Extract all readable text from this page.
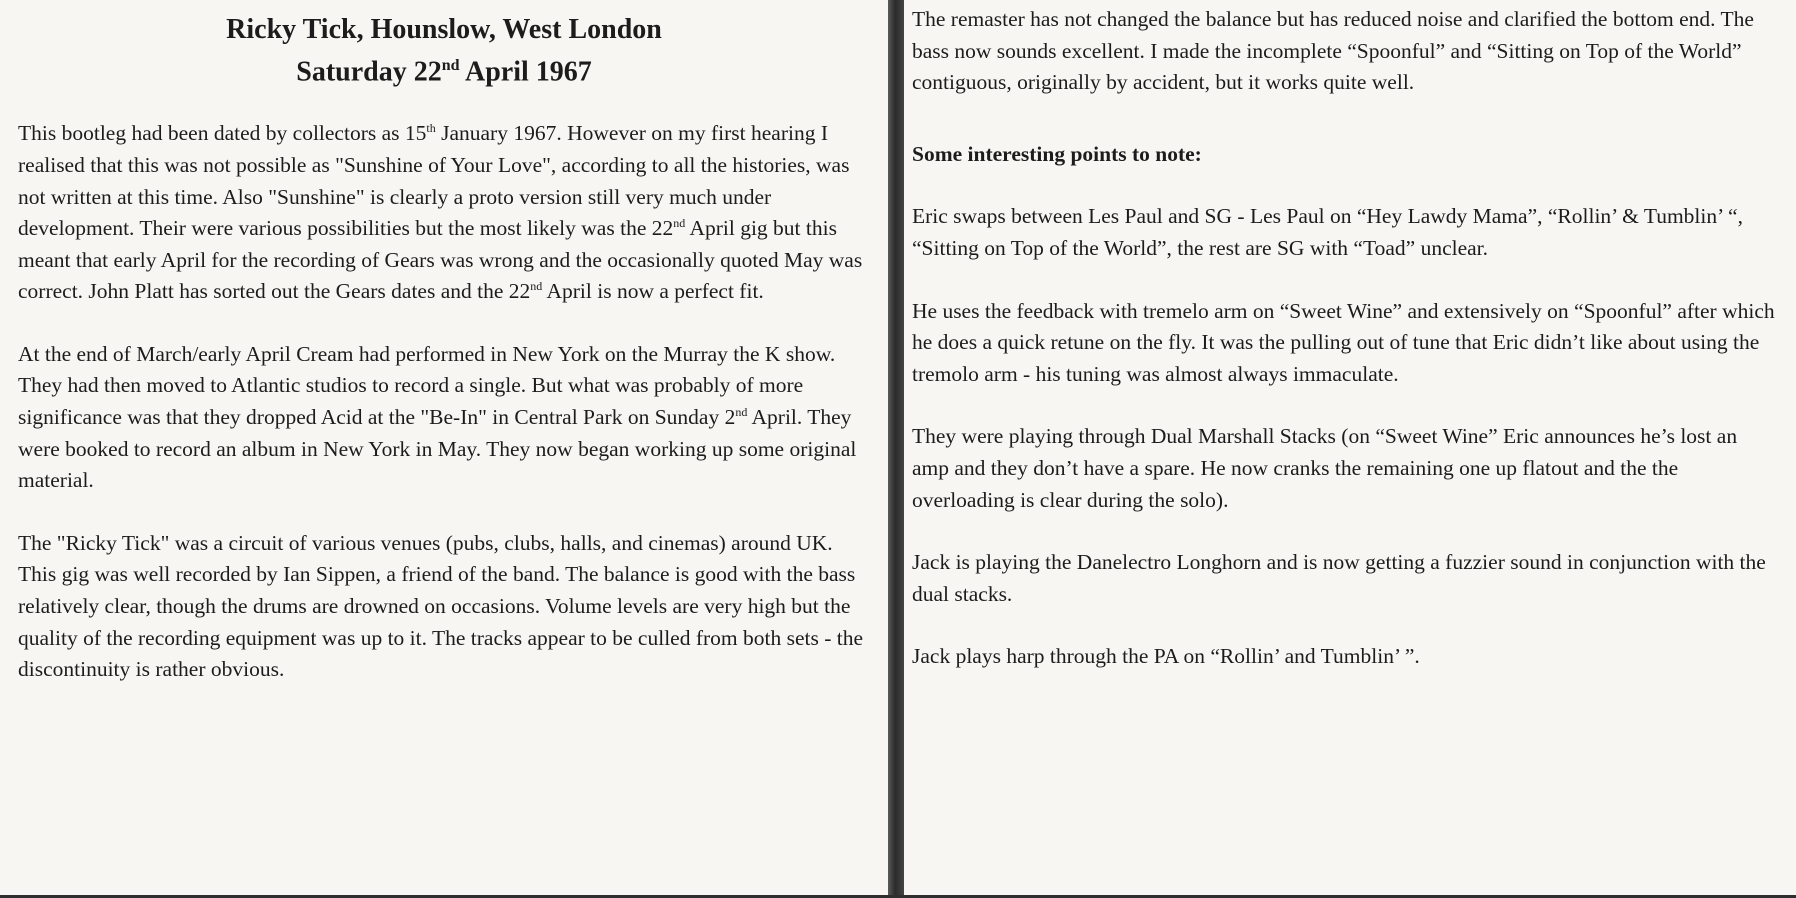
Ricky Tick, Hounslow, West London
Saturday 22nd April 1967

This bootleg had been dated by collectors as 15th January 1967. However on my first hearing I realised that this was not possible as "Sunshine of Your Love", according to all the histories, was not written at this time. Also "Sunshine" is clearly a proto version still very much under development. Their were various possibilities but the most likely was the 22nd April gig but this meant that early April for the recording of Gears was wrong and the occasionally quoted May was correct. John Platt has sorted out the Gears dates and the 22nd April is now a perfect fit.

At the end of March/early April Cream had performed in New York on the Murray the K show. They had then moved to Atlantic studios to record a single. But what was probably of more significance was that they dropped Acid at the "Be-In" in Central Park on Sunday 2nd April. They were booked to record an album in New York in May. They now began working up some original material.

The "Ricky Tick" was a circuit of various venues (pubs, clubs, halls, and cinemas) around UK. This gig was well recorded by Ian Sippen, a friend of the band. The balance is good with the bass relatively clear, though the drums are drowned on occasions. Volume levels are very high but the quality of the recording equipment was up to it. The tracks appear to be culled from both sets - the discontinuity is rather obvious.

The remaster has not changed the balance but has reduced noise and clarified the bottom end. The bass now sounds excellent. I made the incomplete “Spoonful” and “Sitting on Top of the World” contiguous, originally by accident, but it works quite well.

Some interesting points to note:

Eric swaps between Les Paul and SG - Les Paul on “Hey Lawdy Mama”, “Rollin’ & Tumblin’ “, “Sitting on Top of the World”, the rest are SG with “Toad” unclear.

He uses the feedback with tremelo arm on “Sweet Wine” and extensively on “Spoonful” after which he does a quick retune on the fly. It was the pulling out of tune that Eric didn’t like about using the tremolo arm - his tuning was almost always immaculate.

They were playing through Dual Marshall Stacks (on “Sweet Wine” Eric announces he’s lost an amp and they don’t have a spare. He now cranks the remaining one up flatout and the the overloading is clear during the solo).

Jack is playing the Danelectro Longhorn and is now getting a fuzzier sound in conjunction with the dual stacks.

Jack plays harp through the PA on “Rollin’ and Tumblin’ ”.
